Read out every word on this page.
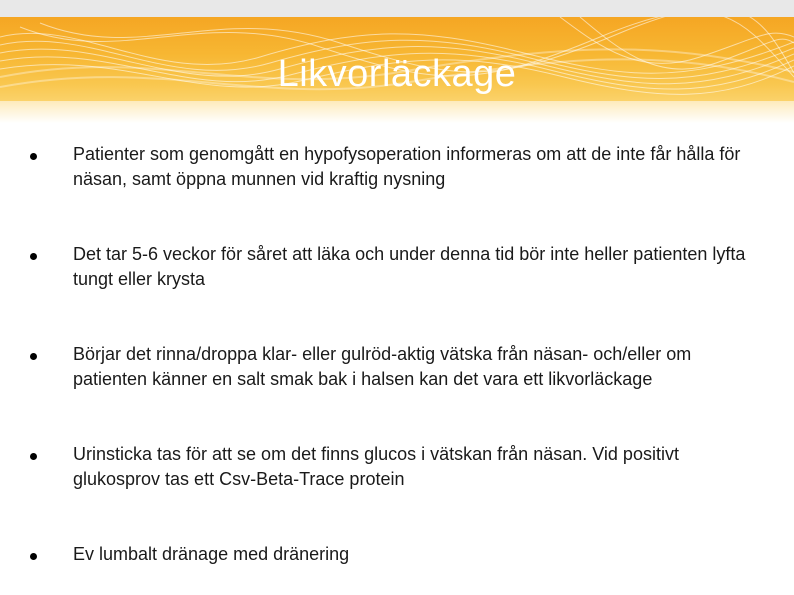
Likvorläckage
Patienter som genomgått en hypofysoperation informeras om att de inte får hålla för näsan, samt öppna munnen vid kraftig nysning
Det tar 5-6 veckor för såret att läka och under denna tid bör inte heller patienten lyfta tungt eller krysta
Börjar det rinna/droppa klar- eller gulröd-aktig vätska från näsan- och/eller om patienten känner en salt smak bak i halsen kan det vara ett likvorläckage
Urinsticka tas för att se om det finns glucos i vätskan från näsan. Vid positivt glukosprov tas ett Csv-Beta-Trace protein
Ev lumbalt dränage med dränering
